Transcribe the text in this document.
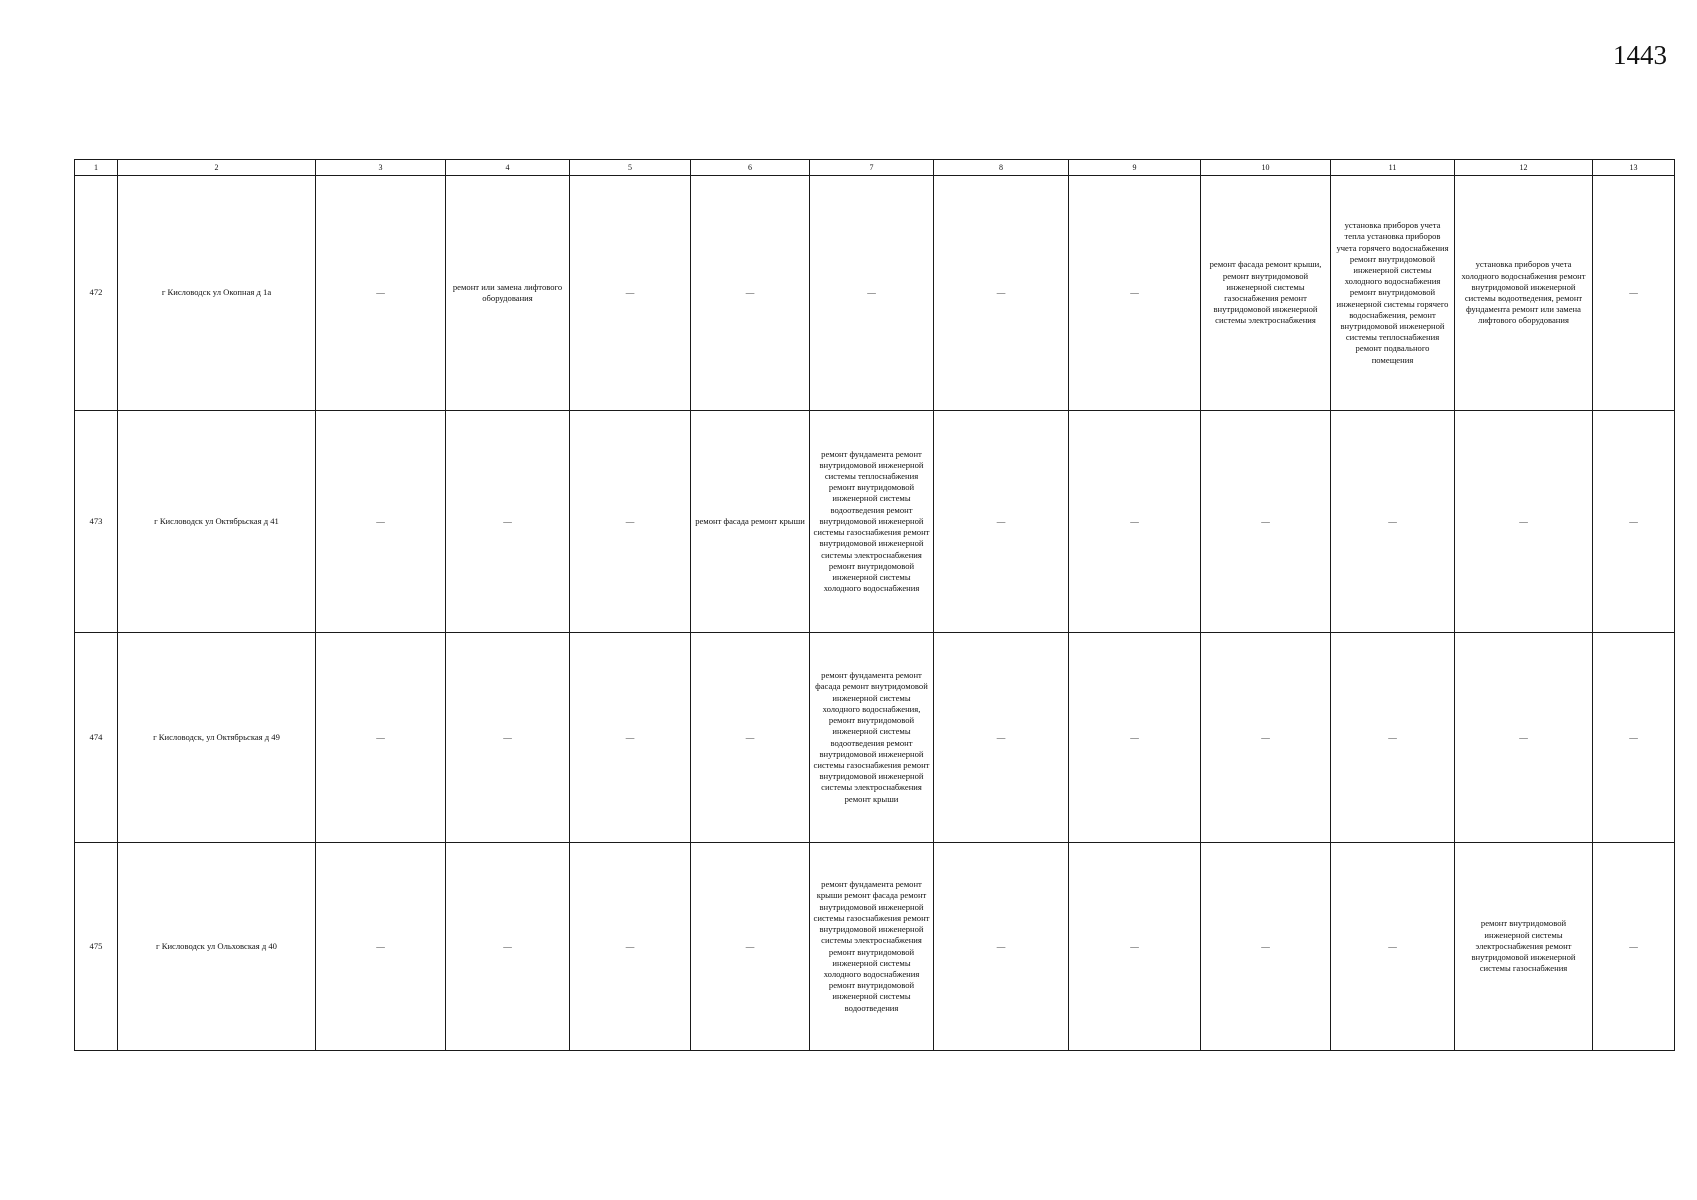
1443
1	2	3	4	5	6	7	8	9	10	11	12	13
472	г Кисловодск ул Окопная д 1а	—	ремонт или замена лифтового оборудования	—	—	—	—	—	ремонт фасада ремонт крыши, ремонт внутридомовой инженерной системы газоснабжения ремонт внутридомовой инженерной системы электроснабжения	установка приборов учета тепла установка приборов учета горячего водоснабжения ремонт внутридомовой инженерной системы холодного водоснабжения ремонт внутридомовой инженерной системы горячего водоснабжения, ремонт внутридомовой инженерной системы теплоснабжения ремонт подвального помещения	установка приборов учета холодного водоснабжения ремонт внутридомовой инженерной системы водоотведения, ремонт фундамента ремонт или замена лифтового оборудования	—
473	г Кисловодск ул Октябрьская д 41	—	—	—	ремонт фасада ремонт крыши	ремонт фундамента ремонт внутридомовой инженерной системы теплоснабжения ремонт внутридомовой инженерной системы водоотведения ремонт внутридомовой инженерной системы газоснабжения ремонт внутридомовой инженерной системы электроснабжения ремонт внутридомовой инженерной системы холодного водоснабжения	—	—	—	—	—	—
474	г Кисловодск, ул Октябрьская д 49	—	—	—	—	ремонт фундамента ремонт фасада ремонт внутридомовой инженерной системы холодного водоснабжения, ремонт внутридомовой инженерной системы водоотведения ремонт внутридомовой инженерной системы газоснабжения ремонт внутридомовой инженерной системы электроснабжения ремонт крыши	—	—	—	—	—	—
475	г Кисловодск ул Ольховская д 40	—	—	—	—	ремонт фундамента ремонт крыши ремонт фасада ремонт внутридомовой инженерной системы газоснабжения ремонт внутридомовой инженерной системы электроснабжения ремонт внутридомовой инженерной системы холодного водоснабжения ремонт внутридомовой инженерной системы водоотведения	—	—	—	—	ремонт внутридомовой инженерной системы электроснабжения ремонт внутридомовой инженерной системы газоснабжения	—
